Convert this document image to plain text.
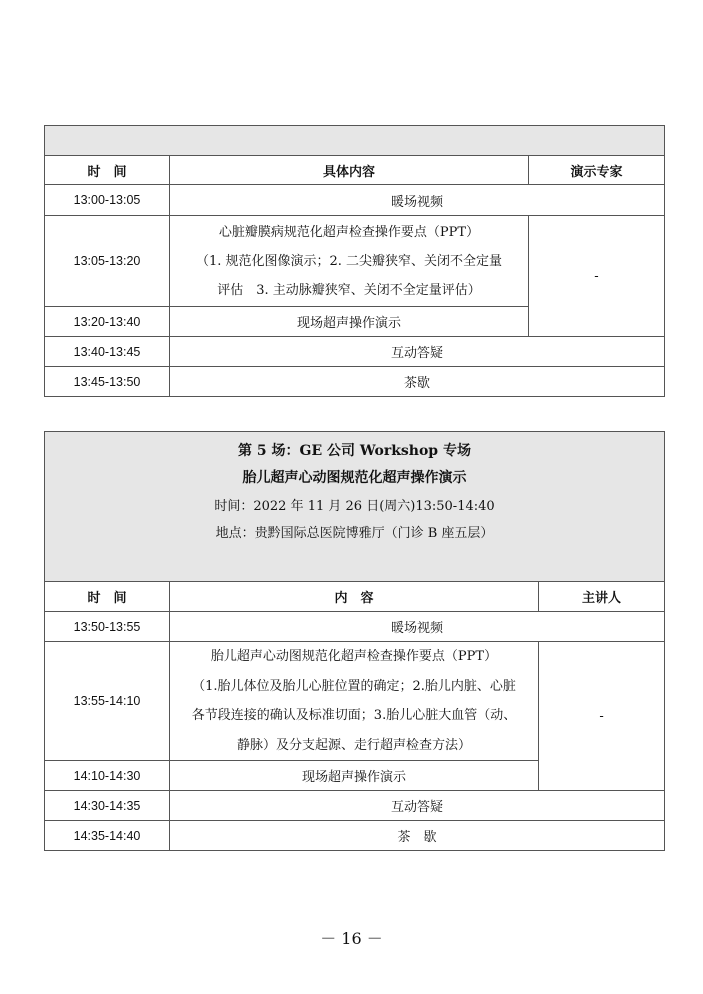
时　间	具体内容	演示专家
13:00-13:05	暖场视频	
13:05-13:20	心脏瓣膜病规范化超声检查操作要点（PPT）
（1. 规范化图像演示；2. 二尖瓣狭窄、关闭不全定量
评估　3. 主动脉瓣狭窄、关闭不全定量评估）	-
13:20-13:40	现场超声操作演示	
13:40-13:45	互动答疑	
13:45-13:50	茶歇	
第 5 场：GE 公司 Workshop 专场
胎儿超声心动图规范化超声操作演示
时间：2022 年 11 月 26 日(周六)13:50-14:40
地点：贵黔国际总医院博雅厅（门诊 B 座五层）		

时　间	内　容	主讲人
13:50-13:55	暖场视频	
13:55-14:10	胎儿超声心动图规范化超声检查操作要点（PPT）
（1.胎儿体位及胎儿心脏位置的确定；2.胎儿内脏、心脏
各节段连接的确认及标准切面；3.胎儿心脏大血管（动、
静脉）及分支起源、走行超声检查方法）	-
14:10-14:30	现场超声操作演示	
14:30-14:35	互动答疑	
14:35-14:40	茶　歇	
－ 16 －
